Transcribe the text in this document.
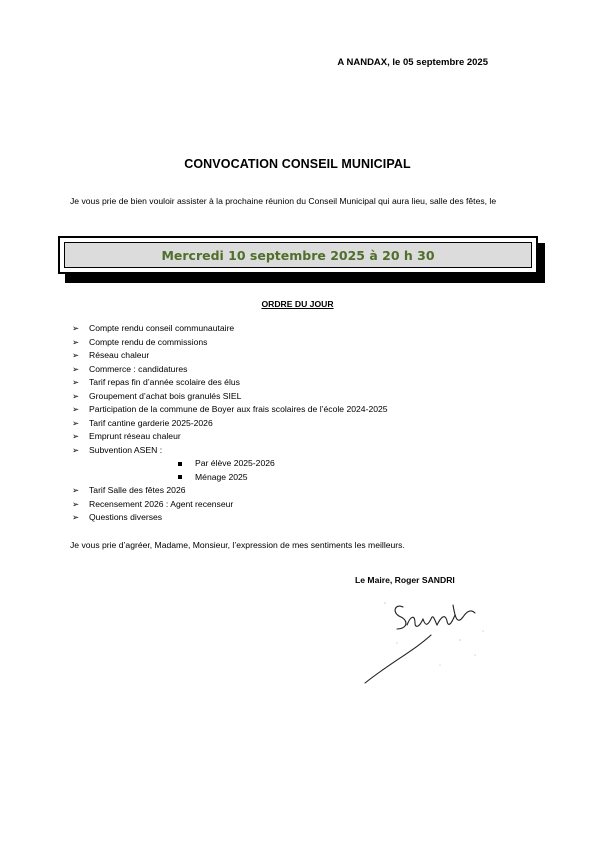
A NANDAX, le 05 septembre 2025
CONVOCATION CONSEIL MUNICIPAL
Je vous prie de bien vouloir assister à la prochaine réunion du Conseil Municipal qui aura lieu, salle des fêtes, le
Mercredi 10 septembre 2025 à 20 h 30
ORDRE DU JOUR
➢	Compte rendu conseil communautaire
➢	Compte rendu de commissions
➢	Réseau chaleur
➢	Commerce : candidatures
➢	Tarif repas fin d’année scolaire des élus
➢	Groupement d’achat bois granulés SIEL
➢	Participation de la commune de Boyer aux frais scolaires de l’école 2024-2025
➢	Tarif cantine garderie 2025-2026
➢	Emprunt réseau chaleur
➢	Subvention ASEN :
Par élève 2025-2026
Ménage 2025
➢	Tarif Salle des fêtes 2026
➢	Recensement 2026 : Agent recenseur
➢	Questions diverses
Je vous prie d’agréer, Madame, Monsieur, l’expression de mes sentiments les meilleurs.
Le Maire, Roger SANDRI
